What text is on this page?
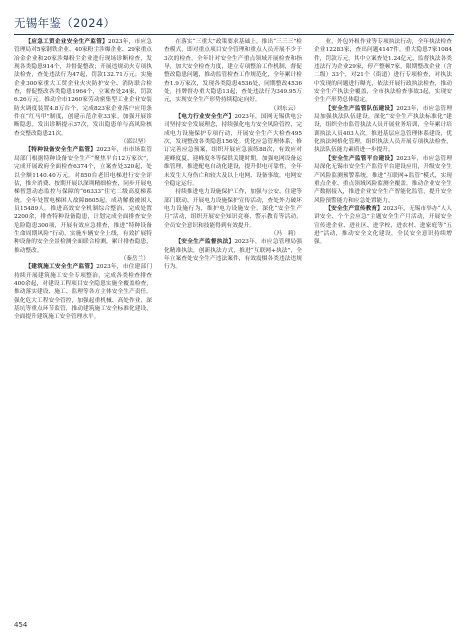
无锡年鉴（2024）

【应急工贸企业安全生产监管】2023年，市应急管理局对5家钢铁企业、40家粉尘涉爆企业、29家重点冶金企业和20家涉爆粉尘企业进行现场诊断检查，发现各类隐患914个，并督促整改；开展违规动火专项执法检查，查处违法行为47起，罚款132.71万元；实施企业300家重大工贸企业火灾防护安全、消防联合检查，督促整改各类隐患1964个，立案查处24家，罚款6.26万元。推动全市1260家劳动密集型工业企业安装防火调度装置4.8万台个，完成823家企业落户应用条件在“红马甲”制度，创建示范企业33家。加强开展诊断隐患，发出诊断提示37次，发出隐患单与高风险核查交整改隐患21次。

（邵以坚）

【特种设备安全生产监管】2023年，市市场监管局部门根据特种设备安全生产“聚焦平台12万家次”，完成开展政府全面检查6374个，立案查处320起，处以全额1140.40万元。对850台老旧电梯进行安全评估，推介消费、按期开展以深圳精细检查，同步开展电梯智慧动态监控与保障的“66333”住宅二级高度梯系统。全年处置电梯困人故障8605起，成功解救被困人员15489人。推进高效安全机制综合整治、完成处置2200余，排查特种设备隐患，计划完成全面排查安全危险隐患300项，开展有效应急排查，推进“特种设备生命周期风险”行动，实施车辆安全上线，有效扩展特种设备的安全全景检测全面联合检测，累计排查隐患，推动整改。

（秦岳兰）

【建筑施工安全生产监管】2023年，市住建部门持续开展建筑施工安全专项整治，完成各类检查排查400余起，对建设工程项目安全隐患实施全覆盖检查，推动落实建设、施工、监理等各方主体安全生产责任。强化危大工程安全管控，加强起重机械、高处作业、深基坑等重点环节监管，推动建筑施工安全标准化建设，全面提升建筑施工安全管理水平。

在落实“三重大”政策要求基础上，推出“三三三”检查模式，即对重点项目安全管理和重点人员开展不少于3次的检查，全年针对安全生产重点领域开展检查和指导，加大安全检查力度，建立专项整治工作机制，督促整改隐患问题，推动监管检查工作规范化，全年累计检查1.9万家次，发现各类隐患4536处，同期整改4536处，挂牌督办重大隐患13起，查处违法行为349.95万元，实现安全生产形势持续稳定向好。

（刘东云）

【电力行业安全生产】2023年，国网无锡供电公司坚持安全发展理念，持续强化电力安全风险管控，完成电力设施保护专项行动，开展安全生产大检查495次，发现整改各类隐患156处。优化应急管理体系，修订完善应急预案，组织开展应急演练88次，有效应对迎峰度夏、迎峰度冬等保供关键时期。加强电网设备运维管理，推进配电自动化建设，提升供电可靠性，全年未发生人身伤亡和较大及以上电网、设备事故，电网安全稳定运行。

持续推进电力设施保护工作，加强与公安、住建等部门联动，开展电力设施保护宣传活动，查处外力破坏电力设施行为，维护电力设施安全。深化“安全生产月”活动，组织开展安全知识竞赛、警示教育等活动，全员安全意识和技能得到有效提升。

（冯　莉）

【安全生产监督执法】2023年，市应急管理局强化精准执法，创新执法方式，推进“互联网+执法”，全年立案查处安全生产违法案件，有效震慑各类违法违规行为。

业，外包外租作业等专项执法行动，全年执法检查企业12283家，查出问题4147件，重大隐患7家1084件，罚款万元，其中立案查处1.24亿元，监督执法各类违法行为企业29家，停产整顿7家，限期整改企业（含二级）33个，对21个（街道）进行专项检查，对执法中发现的问题进行曝光，依法开展行政执法检查，推动安全生产执法全覆盖，全市执法检查事故3起，实现安全生产形势总体稳定。

【安全生产监管队伍建设】2023年，市应急管理局加强执法队伍建设，深化“安全生产执法标准化”建设，组织全市监管执法人员开展业务培训，全年累计培训执法人员403人次。推进基层应急管理体系建设，优化执法网格化管理，组织执法人员开展专项执法检查，执法队伍能力素质进一步提升。

【安全生产监管平台建设】2023年，市应急管理局深化无锡市安全生产监管平台建设应用，升级安全生产风险监测预警系统，推进“互联网+监管”模式，实现重点企业、重点领域风险监测全覆盖。推动企业安全生产数据接入，推进企业安全生产智能化监管，提升安全风险预警能力和应急处置能力。

【安全生产宣传教育】2023年，无锡市举办“人人讲安全、个个会应急”主题安全生产月活动，开展安全宣传进企业、进社区、进学校、进农村、进家庭等“五进”活动，推动安全文化建设，全民安全意识持续增强。

454
